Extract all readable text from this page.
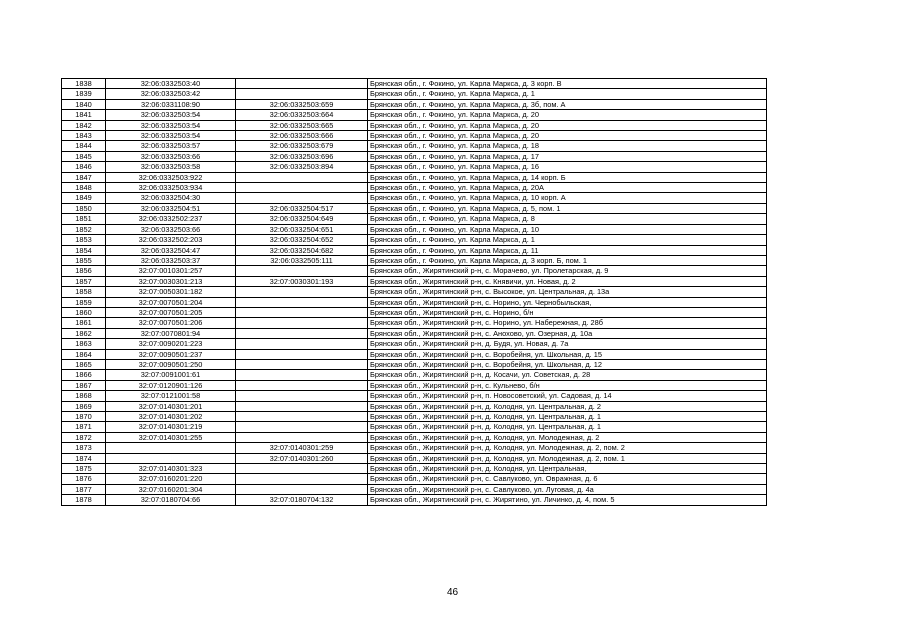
1838	32:06:0332503:40		Брянская обл., г. Фокино, ул. Карла Маркса, д. 3 корп. В
1839	32:06:0332503:42		Брянская обл., г. Фокино, ул. Карла Маркса, д. 1
1840	32:06:0331108:90	32:06:0332503:659	Брянская обл., г. Фокино, ул. Карла Маркса, д. 3б, пом. А
1841	32:06:0332503:54	32:06:0332503:664	Брянская обл., г. Фокино, ул. Карла Маркса, д. 20
1842	32:06:0332503:54	32:06:0332503:665	Брянская обл., г. Фокино, ул. Карла Маркса, д. 20
1843	32:06:0332503:54	32:06:0332503:666	Брянская обл., г. Фокино, ул. Карла Маркса, д. 20
1844	32:06:0332503:57	32:06:0332503:679	Брянская обл., г. Фокино, ул. Карла Маркса, д. 18
1845	32:06:0332503:66	32:06:0332503:696	Брянская обл., г. Фокино, ул. Карла Маркса, д. 17
1846	32:06:0332503:58	32:06:0332503:894	Брянская обл., г. Фокино, ул. Карла Маркса, д. 16
1847	32:06:0332503:922		Брянская обл., г. Фокино, ул. Карла Маркса, д. 14 корп. Б
1848	32:06:0332503:934		Брянская обл., г. Фокино, ул. Карла Маркса, д. 20А
1849	32:06:0332504:30		Брянская обл., г. Фокино, ул. Карла Маркса, д. 10 корп. А
1850	32:06:0332504:51	32:06:0332504:517	Брянская обл., г. Фокино, ул. Карла Маркса, д. 5, пом. 1
1851	32:06:0332502:237	32:06:0332504:649	Брянская обл., г. Фокино, ул. Карла Маркса, д. 8
1852	32:06:0332503:66	32:06:0332504:651	Брянская обл., г. Фокино, ул. Карла Маркса, д. 10
1853	32:06:0332502:203	32:06:0332504:652	Брянская обл., г. Фокино, ул. Карла Маркса, д. 1
1854	32:06:0332504:47	32:06:0332504:682	Брянская обл., г. Фокино, ул. Карла Маркса, д. 11
1855	32:06:0332503:37	32:06:0332505:111	Брянская обл., г. Фокино, ул. Карла Маркса, д. 3 корп. Б, пом. 1
1856	32:07:0010301:257		Брянская обл., Жирятинский р-н, с. Морачево, ул. Пролетарская, д. 9
1857	32:07:0030301:213	32:07:0030301:193	Брянская обл., Жирятинский р-н, с. Княвичи, ул. Новая, д. 2
1858	32:07:0050301:182		Брянская обл., Жирятинский р-н, с. Высокое, ул. Центральная, д. 13а
1859	32:07:0070501:204		Брянская обл., Жирятинский р-н, с. Норино, ул. Чернобыльская,
1860	32:07:0070501:205		Брянская обл., Жирятинский р-н, с. Норино, б/н
1861	32:07:0070501:206		Брянская обл., Жирятинский р-н, с. Норино, ул. Набережная, д. 28б
1862	32:07:0070801:94		Брянская обл., Жирятинский р-н, с. Анохово, ул. Озерная, д. 10а
1863	32:07:0090201:223		Брянская обл., Жирятинский р-н, д. Будя, ул. Новая, д. 7а
1864	32:07:0090501:237		Брянская обл., Жирятинский р-н, с. Воробейня, ул. Школьная, д. 15
1865	32:07:0090501:250		Брянская обл., Жирятинский р-н, с. Воробейня, ул. Школьная, д. 12
1866	32:07:0091001:61		Брянская обл., Жирятинский р-н, д. Косачи, ул. Советская, д. 28
1867	32:07:0120901:126		Брянская обл., Жирятинский р-н, с. Кульнево, б/н
1868	32:07:0121001:58		Брянская обл., Жирятинский р-н, п. Новосоветский, ул. Садовая, д. 14
1869	32:07:0140301:201		Брянская обл., Жирятинский р-н, д. Колодня, ул. Центральная, д. 2
1870	32:07:0140301:202		Брянская обл., Жирятинский р-н, д. Колодня, ул. Центральная, д. 1
1871	32:07:0140301:219		Брянская обл., Жирятинский р-н, д. Колодня, ул. Центральная, д. 1
1872	32:07:0140301:255		Брянская обл., Жирятинский р-н, д. Колодня, ул. Молодежная, д. 2
1873		32:07:0140301:259	Брянская обл., Жирятинский р-н, д. Колодня, ул. Молодежная, д. 2, пом. 2
1874		32:07:0140301:260	Брянская обл., Жирятинский р-н, д. Колодня, ул. Молодежная, д. 2, пом. 1
1875	32:07:0140301:323		Брянская обл., Жирятинский р-н, д. Колодня, ул. Центральная,
1876	32:07:0160201:220		Брянская обл., Жирятинский р-н, с. Савлуково, ул. Овражная, д. 6
1877	32:07:0160201:304		Брянская обл., Жирятинский р-н, с. Савлуково, ул. Луговая, д. 4а
1878	32:07:0180704:66	32:07:0180704:132	Брянская обл., Жирятинский р-н, с. Жирятино, ул. Личинко, д. 4, пом. 5
46
